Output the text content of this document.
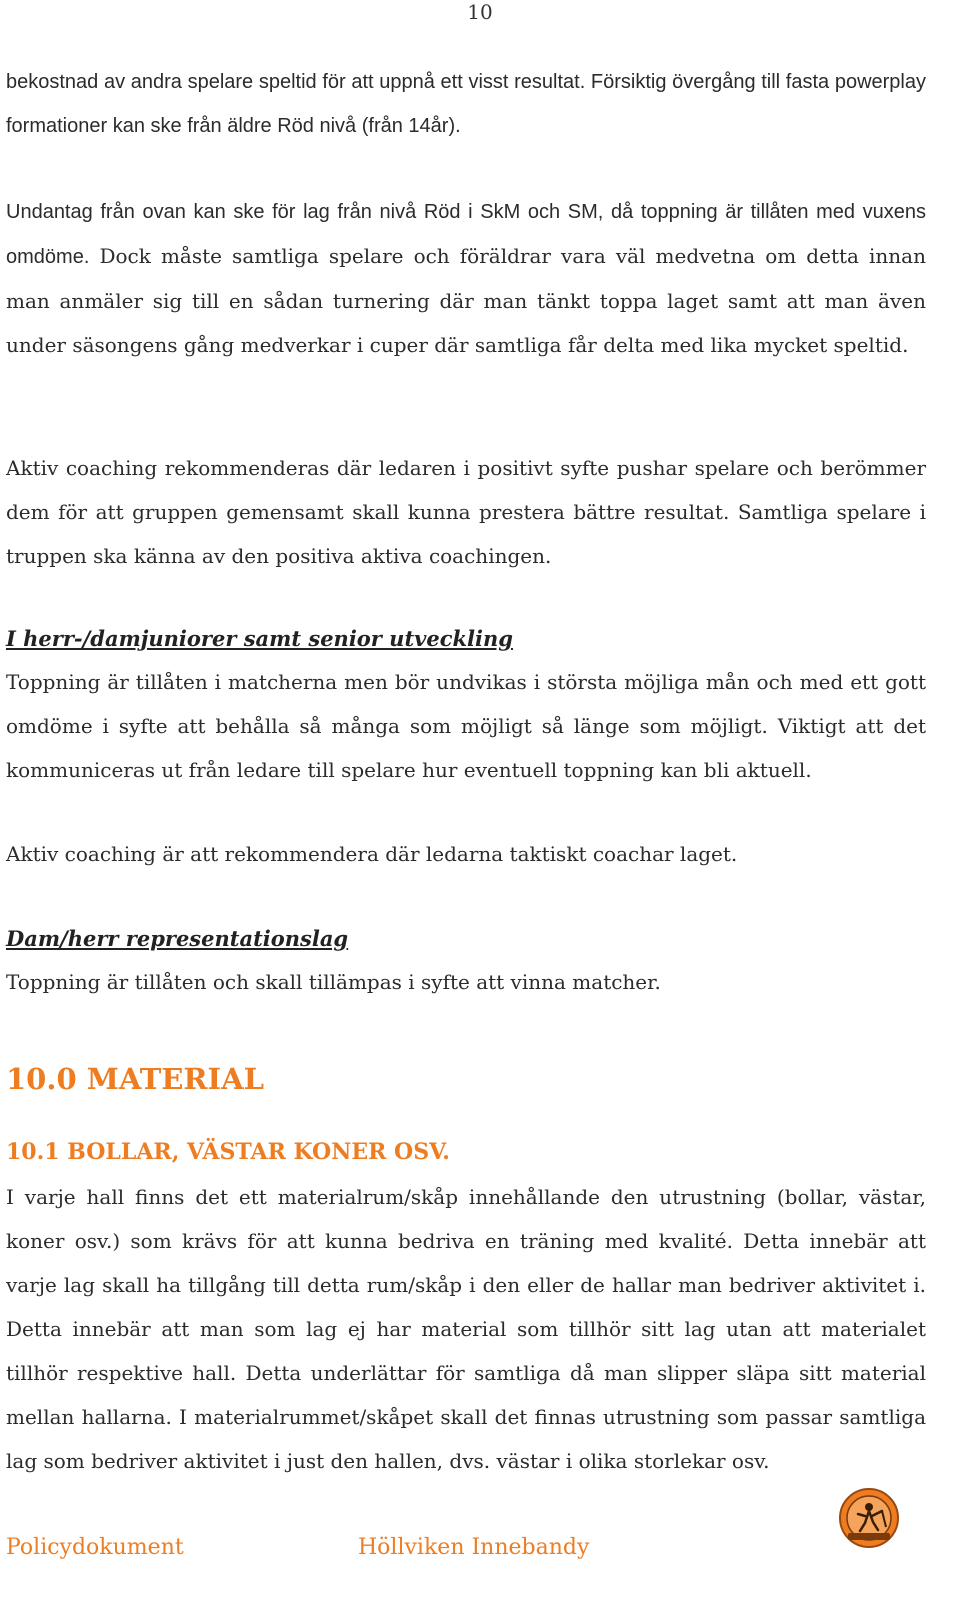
10

bekostnad av andra spelare speltid för att uppnå ett visst resultat. Försiktig övergång till fasta powerplay formationer kan ske från äldre Röd nivå (från 14år).

Undantag från ovan kan ske för lag från nivå Röd i SkM och SM, då toppning är tillåten med vuxens omdöme. Dock måste samtliga spelare och föräldrar vara väl medvetna om detta innan man anmäler sig till en sådan turnering där man tänkt toppa laget samt att man även under säsongens gång medverkar i cuper där samtliga får delta med lika mycket speltid.

Aktiv coaching rekommenderas där ledaren i positivt syfte pushar spelare och berömmer dem för att gruppen gemensamt skall kunna prestera bättre resultat. Samtliga spelare i truppen ska känna av den positiva aktiva coachingen.

I herr-/damjuniorer samt senior utveckling

Toppning är tillåten i matcherna men bör undvikas i största möjliga mån och med ett gott omdöme i syfte att behålla så många som möjligt så länge som möjligt. Viktigt att det kommuniceras ut från ledare till spelare hur eventuell toppning kan bli aktuell.

Aktiv coaching är att rekommendera där ledarna taktiskt coachar laget.

Dam/herr representationslag

Toppning är tillåten och skall tillämpas i syfte att vinna matcher.

10.0 MATERIAL
10.1 BOLLAR, VÄSTAR KONER OSV.

I varje hall finns det ett materialrum/skåp innehållande den utrustning (bollar, västar, koner osv.) som krävs för att kunna bedriva en träning med kvalité. Detta innebär att varje lag skall ha tillgång till detta rum/skåp i den eller de hallar man bedriver aktivitet i. Detta innebär att man som lag ej har material som tillhör sitt lag utan att materialet tillhör respektive hall. Detta underlättar för samtliga då man slipper släpa sitt material mellan hallarna. I materialrummet/skåpet skall det finnas utrustning som passar samtliga lag som bedriver aktivitet i just den hallen, dvs. västar i olika storlekar osv.

Policydokument	Höllviken Innebandy
